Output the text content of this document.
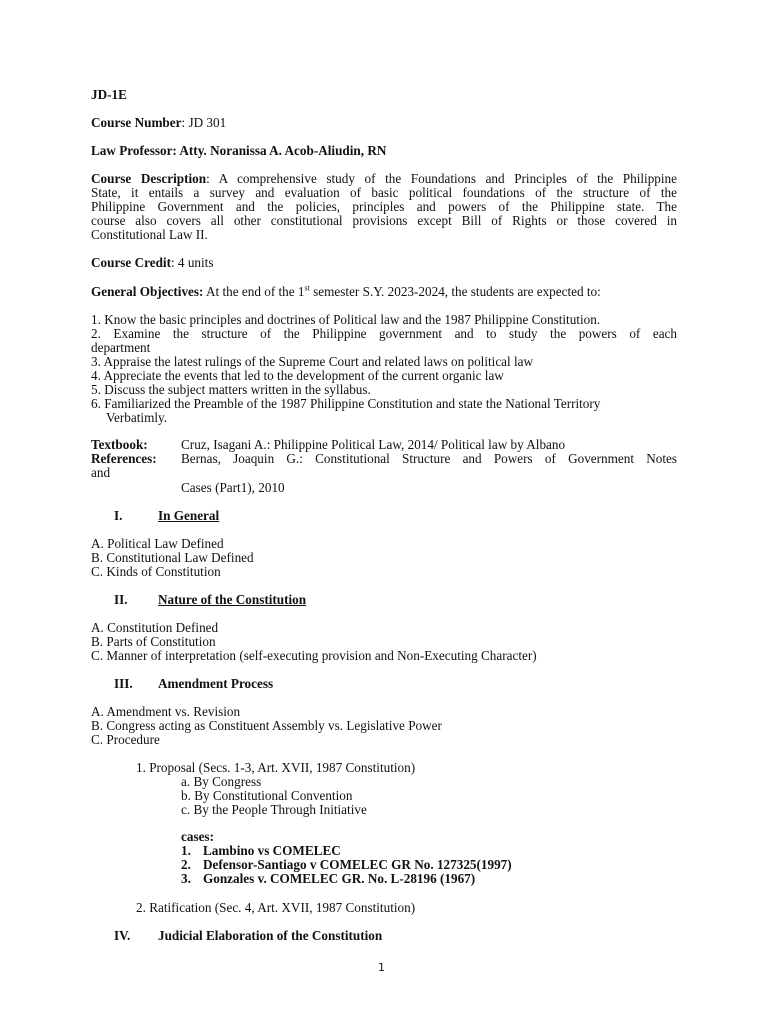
JD-1E
Course Number: JD 301
Law Professor: Atty. Noranissa A. Acob-Aliudin, RN
Course Description: A comprehensive study of the Foundations and Principles of the Philippine
State, it entails a survey and evaluation of basic political foundations of the structure of the
Philippine Government and the policies, principles and powers of the Philippine state. The
course also covers all other constitutional provisions except Bill of Rights or those covered in
Constitutional Law II.
Course Credit: 4 units
General Objectives: At the end of the 1st semester S.Y. 2023-2024, the students are expected to:
1. Know the basic principles and doctrines of Political law and the 1987 Philippine Constitution.
2. Examine the structure of the Philippine government and to study the powers of each
department
3. Appraise the latest rulings of the Supreme Court and related laws on political law
4. Appreciate the events that led to the development of the current organic law
5. Discuss the subject matters written in the syllabus.
6. Familiarized the Preamble of the 1987 Philippine Constitution and state the National Territory
Verbatimly.
Textbook:	Cruz, Isagani A.: Philippine Political Law, 2014/ Political law by Albano
References: Bernas, Joaquin G.: Constitutional Structure and Powers of Government Notes
and
Cases (Part1), 2010
I.	In General
A. Political Law Defined
B. Constitutional Law Defined
C. Kinds of Constitution
II. Nature of the Constitution
A. Constitution Defined
B. Parts of Constitution
C. Manner of interpretation (self-executing provision and Non-Executing Character)
III. Amendment Process
A. Amendment vs. Revision
B. Congress acting as Constituent Assembly vs. Legislative Power
C. Procedure
1. Proposal (Secs. 1-3, Art. XVII, 1987 Constitution)
a. By Congress
b. By Constitutional Convention
c. By the People Through Initiative
cases:
1. Lambino vs COMELEC
2. Defensor-Santiago v COMELEC GR No. 127325(1997)
3. Gonzales v. COMELEC GR. No. L-28196 (1967)
2. Ratification (Sec. 4, Art. XVII, 1987 Constitution)
IV. Judicial Elaboration of the Constitution
1
